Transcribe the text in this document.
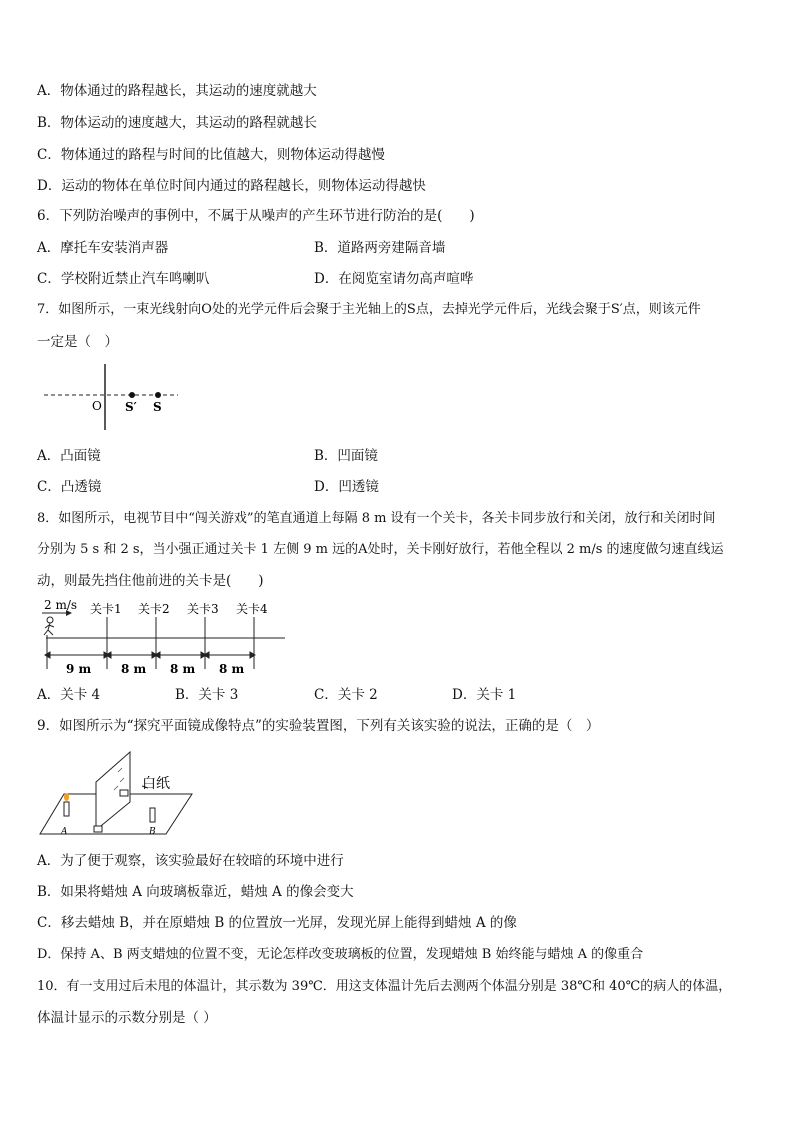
A．物体通过的路程越长，其运动的速度就越大
B．物体运动的速度越大，其运动的路程就越长
C．物体通过的路程与时间的比值越大，则物体运动得越慢
D．运动的物体在单位时间内通过的路程越长，则物体运动得越快
6．下列防治噪声的事例中，不属于从噪声的产生环节进行防治的是(　　)
A．摩托车安装消声器	B．道路两旁建隔音墙
C．学校附近禁止汽车鸣喇叭	D．在阅览室请勿高声喧哗
7．如图所示，一束光线射向O处的光学元件后会聚于主光轴上的S点，去掉光学元件后，光线会聚于S′点，则该元件
一定是（　）
O S′ S
A．凸面镜	B．凹面镜
C．凸透镜	D．凹透镜
8．如图所示，电视节目中“闯关游戏”的笔直通道上每隔 8 m 设有一个关卡，各关卡同步放行和关闭，放行和关闭时间
分别为 5 s 和 2 s，当小强正通过关卡 1 左侧 9 m 远的A处时，关卡刚好放行，若他全程以 2 m/s 的速度做匀速直线运
动，则最先挡住他前进的关卡是(　　)
2 m/s 关卡1 关卡2 关卡3 关卡4
9 m 8 m 8 m 8 m
A．关卡 4	B．关卡 3	C．关卡 2	D．关卡 1
9．如图所示为“探究平面镜成像特点”的实验装置图，下列有关该实验的说法，正确的是（　）
白纸
A	B
A．为了便于观察，该实验最好在较暗的环境中进行
B．如果将蜡烛 A 向玻璃板靠近，蜡烛 A 的像会变大
C．移去蜡烛 B，并在原蜡烛 B 的位置放一光屏，发现光屏上能得到蜡烛 A 的像
D．保持 A、B 两支蜡烛的位置不变，无论怎样改变玻璃板的位置，发现蜡烛 B 始终能与蜡烛 A 的像重合
10．有一支用过后未甩的体温计，其示数为 39℃．用这支体温计先后去测两个体温分别是 38℃和 40℃的病人的体温，
体温计显示的示数分别是（ ）
